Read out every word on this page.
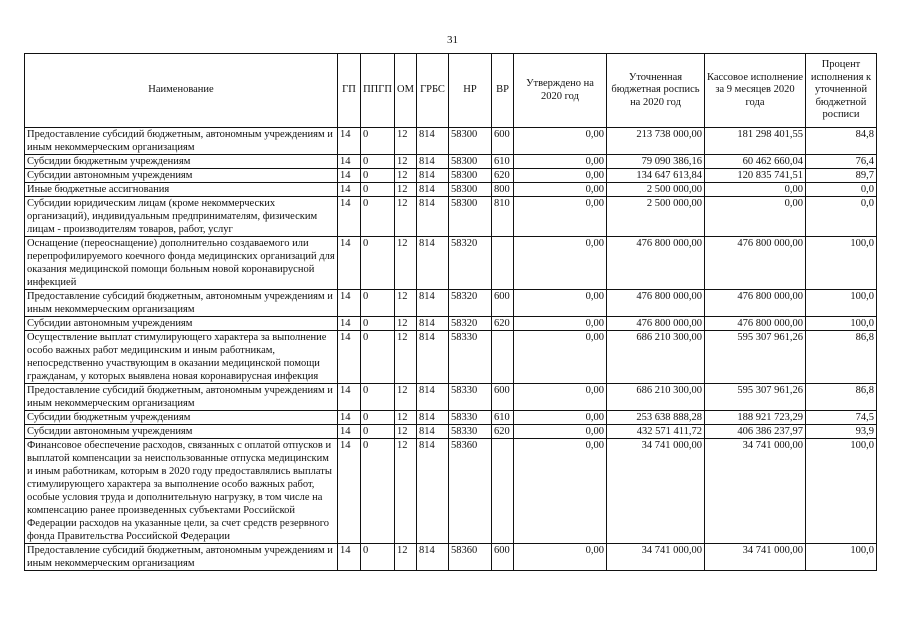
31
Наименование	ГП	ППГП	ОМ	ГРБС	НР	ВР	Утверждено на 2020 год	Уточненная бюджетная роспись на 2020 год	Кассовое исполнение за 9 месяцев 2020 года	Процент исполнения к уточненной бюджетной росписи
Предоставление субсидий бюджетным, автономным учреждениям и иным некоммерческим организациям	14	0	12	814	58300	600	0,00	213 738 000,00	181 298 401,55	84,8
Субсидии бюджетным учреждениям	14	0	12	814	58300	610	0,00	79 090 386,16	60 462 660,04	76,4
Субсидии автономным учреждениям	14	0	12	814	58300	620	0,00	134 647 613,84	120 835 741,51	89,7
Иные бюджетные ассигнования	14	0	12	814	58300	800	0,00	2 500 000,00	0,00	0,0
Субсидии юридическим лицам (кроме некоммерческих организаций), индивидуальным предпринимателям, физическим лицам - производителям товаров, работ, услуг	14	0	12	814	58300	810	0,00	2 500 000,00	0,00	0,0
Оснащение (переоснащение) дополнительно создаваемого или перепрофилируемого коечного фонда медицинских организаций для оказания медицинской помощи больным новой коронавирусной инфекцией	14	0	12	814	58320		0,00	476 800 000,00	476 800 000,00	100,0
Предоставление субсидий бюджетным, автономным учреждениям и иным некоммерческим организациям	14	0	12	814	58320	600	0,00	476 800 000,00	476 800 000,00	100,0
Субсидии автономным учреждениям	14	0	12	814	58320	620	0,00	476 800 000,00	476 800 000,00	100,0
Осуществление выплат стимулирующего характера за выполнение особо важных работ медицинским и иным работникам, непосредственно участвующим в оказании медицинской помощи гражданам, у которых выявлена новая коронавирусная инфекция	14	0	12	814	58330		0,00	686 210 300,00	595 307 961,26	86,8
Предоставление субсидий бюджетным, автономным учреждениям и иным некоммерческим организациям	14	0	12	814	58330	600	0,00	686 210 300,00	595 307 961,26	86,8
Субсидии бюджетным учреждениям	14	0	12	814	58330	610	0,00	253 638 888,28	188 921 723,29	74,5
Субсидии автономным учреждениям	14	0	12	814	58330	620	0,00	432 571 411,72	406 386 237,97	93,9
Финансовое обеспечение расходов, связанных с оплатой отпусков и выплатой компенсации за неиспользованные отпуска медицинским и иным работникам, которым в 2020 году предоставлялись выплаты стимулирующего характера за выполнение особо важных работ, особые условия труда и дополнительную нагрузку, в том числе на компенсацию ранее произведенных субъектами Российской Федерации расходов на указанные цели, за счет средств резервного фонда Правительства Российской Федерации	14	0	12	814	58360		0,00	34 741 000,00	34 741 000,00	100,0
Предоставление субсидий бюджетным, автономным учреждениям и иным некоммерческим организациям	14	0	12	814	58360	600	0,00	34 741 000,00	34 741 000,00	100,0
